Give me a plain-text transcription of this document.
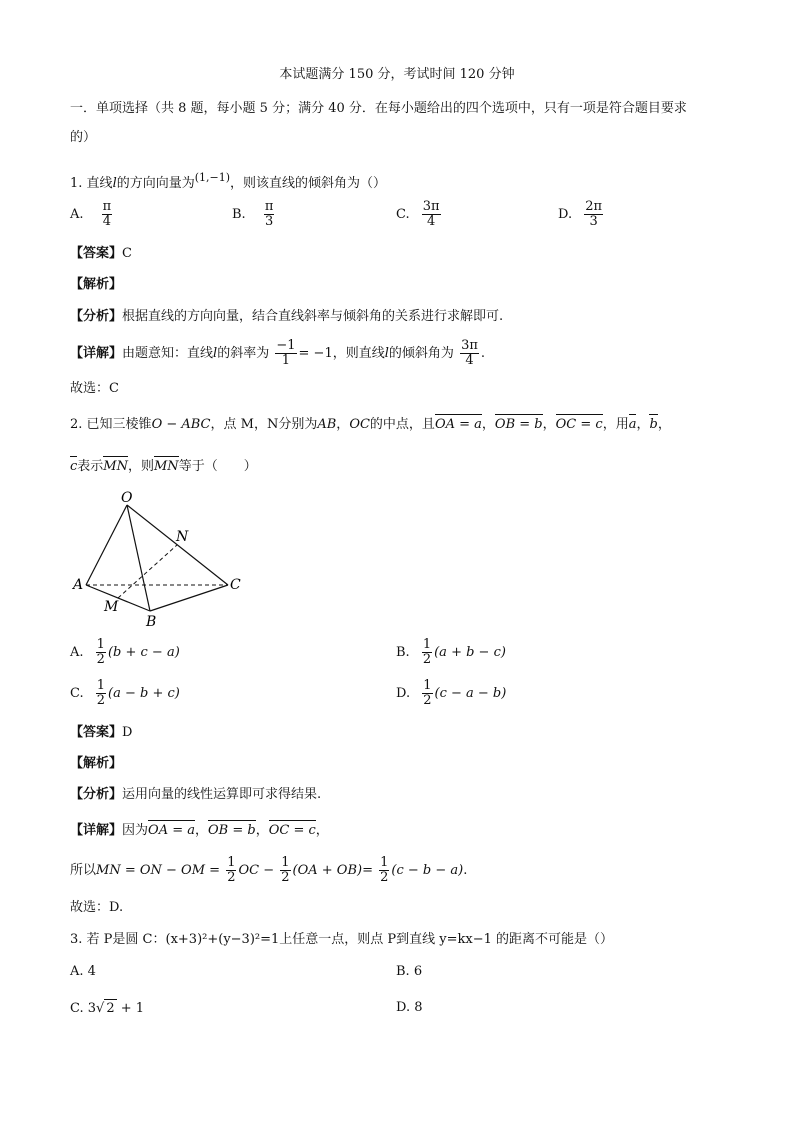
本试题满分 150 分，考试时间 120 分钟
一．单项选择（共 8 题，每小题 5 分；满分 40 分．在每小题给出的四个选项中，只有一项是符合题目要求
的）
1. 直线l的方向向量为$^{(1,-1)}$，则该直线的倾斜角为（）
A. $\frac{\pi}{4}$	B. $\frac{\pi}{3}$	C. $\frac{3\pi}{4}$	D. $\frac{2\pi}{3}$
【答案】C
【解析】
【分析】根据直线的方向向量，结合直线斜率与倾斜角的关系进行求解即可.
【详解】由题意知：直线l的斜率为 $\frac{-1}{1} = -1$，则直线l的倾斜角为 $\frac{3\pi}{4}$ .
故选：C
2. 已知三棱锥O − ABC，点 M，N分别为AB，OC的中点，且OA = a，OB = b，OC = c，用a，b，
c表示MN，则MN等于（　　）
O
N
A	C
M
B
A. $\frac{1}{2} (b + c - a)$	B. $\frac{1}{2} (a + b - c)$
C. $\frac{1}{2} (a - b + c)$	D. $\frac{1}{2} (c - a - b)$
【答案】D
【解析】
【分析】运用向量的线性运算即可求得结果.
【详解】因为OA = a，OB = b，OC = c，
所以MN = ON − OM = $\frac{1}{2}$ OC − $\frac{1}{2} (OA + OB)= \frac{1}{2} (c - b - a)$.
故选：D.
3. 若 P是圆 C：(x+3)²+(y−3)²=1上任意一点，则点 P到直线 y=kx−1 的距离不可能是（）
A. 4	B. 6
C. 3√ 2 + 1	D. 8
